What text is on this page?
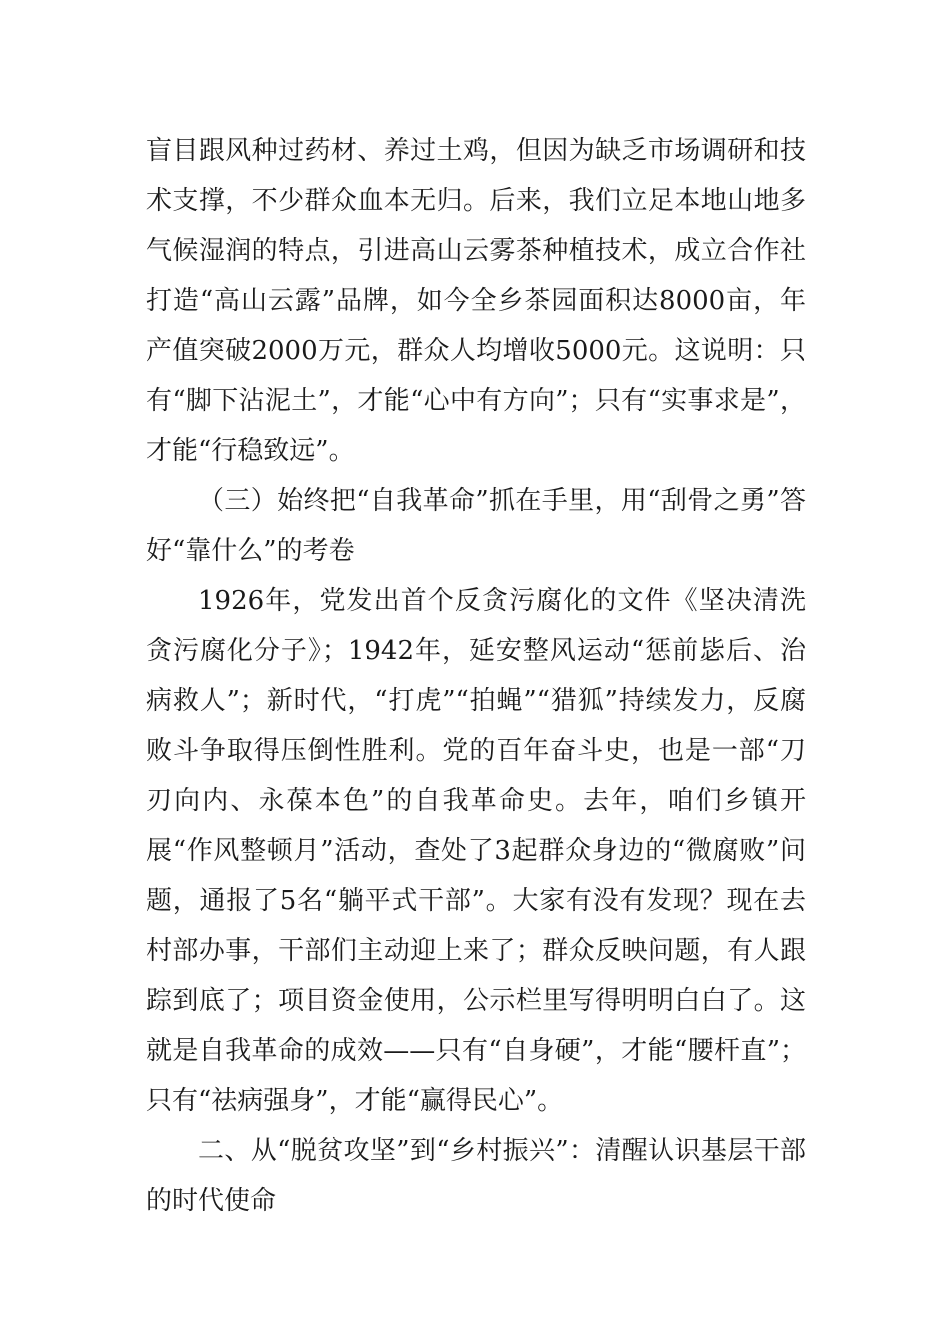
盲目跟风种过药材、养过土鸡，但因为缺乏市场调研和技术支撑，不少群众血本无归。后来，我们立足本地山地多气候湿润的特点，引进高山云雾茶种植技术，成立合作社打造“高山云露”品牌，如今全乡茶园面积达8000亩，年产值突破2000万元，群众人均增收5000元。这说明：只有“脚下沾泥土”，才能“心中有方向”；只有“实事求是”，才能“行稳致远”。

（三）始终把“自我革命”抓在手里，用“刮骨之勇”答好“靠什么”的考卷

1926年，党发出首个反贪污腐化的文件《坚决清洗贪污腐化分子》；1942年，延安整风运动“惩前毖后、治病救人”；新时代，“打虎”“拍蝇”“猎狐”持续发力，反腐败斗争取得压倒性胜利。党的百年奋斗史，也是一部“刀刃向内、永葆本色”的自我革命史。去年，咱们乡镇开展“作风整顿月”活动，查处了3起群众身边的“微腐败”问题，通报了5名“躺平式干部”。大家有没有发现？现在去村部办事，干部们主动迎上来了；群众反映问题，有人跟踪到底了；项目资金使用，公示栏里写得明明白白了。这就是自我革命的成效——只有“自身硬”，才能“腰杆直”；只有“祛病强身”，才能“赢得民心”。

二、从“脱贫攻坚”到“乡村振兴”：清醒认识基层干部的时代使命
